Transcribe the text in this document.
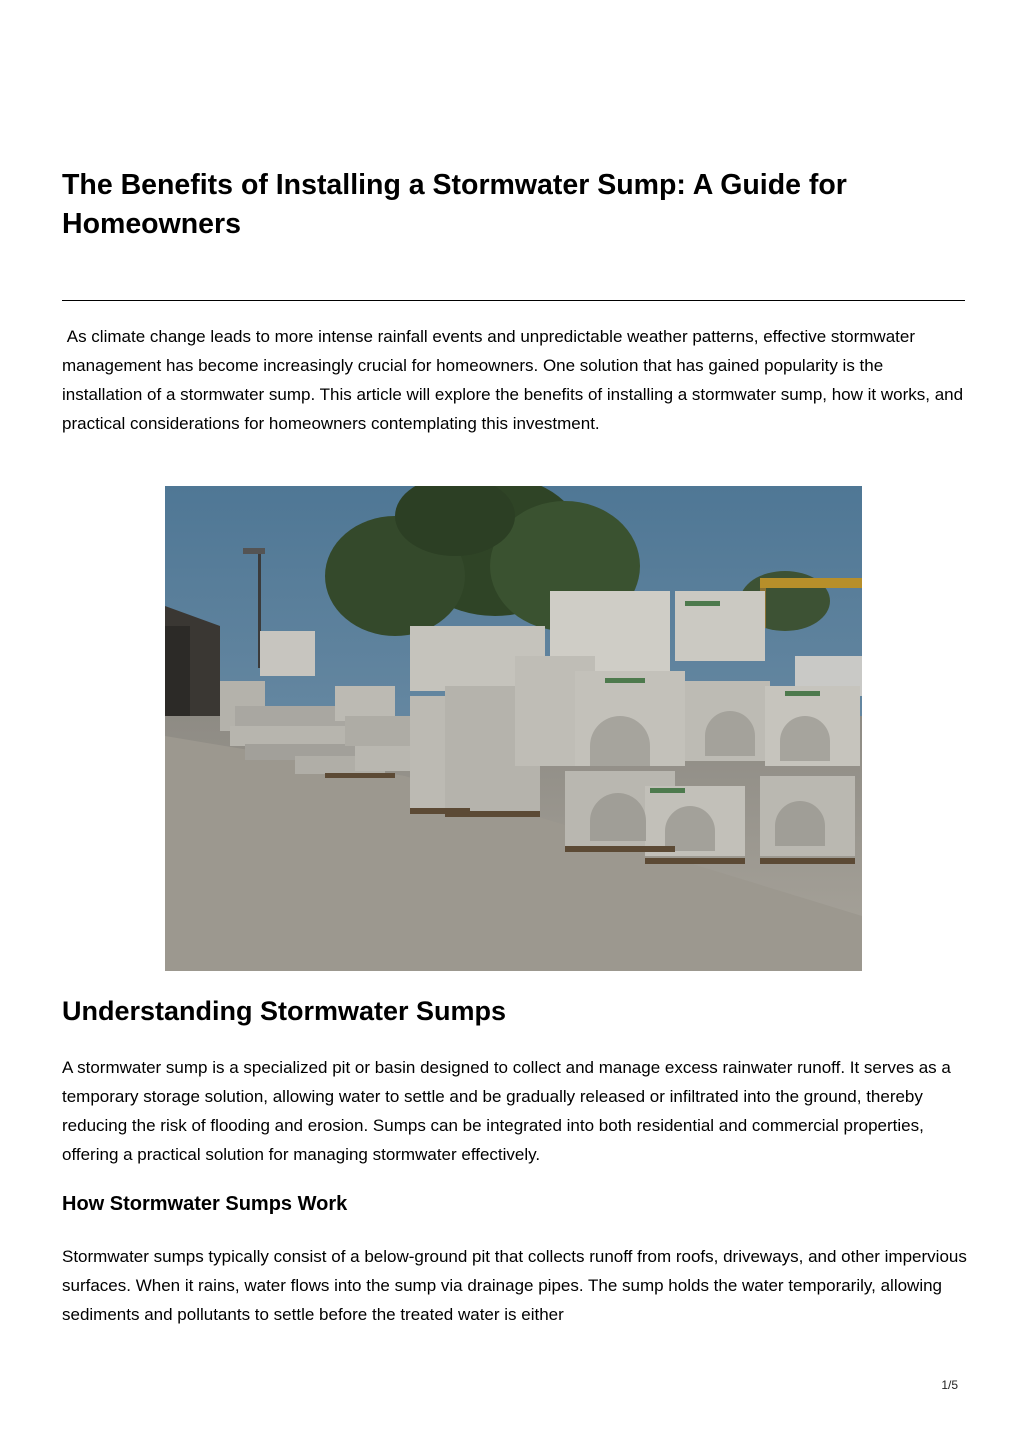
The Benefits of Installing a Stormwater Sump: A Guide for Homeowners

As climate change leads to more intense rainfall events and unpredictable weather patterns, effective stormwater management has become increasingly crucial for homeowners. One solution that has gained popularity is the installation of a stormwater sump. This article will explore the benefits of installing a stormwater sump, how it works, and practical considerations for homeowners contemplating this investment.

Understanding Stormwater Sumps

A stormwater sump is a specialized pit or basin designed to collect and manage excess rainwater runoff. It serves as a temporary storage solution, allowing water to settle and be gradually released or infiltrated into the ground, thereby reducing the risk of flooding and erosion. Sumps can be integrated into both residential and commercial properties, offering a practical solution for managing stormwater effectively.

How Stormwater Sumps Work

Stormwater sumps typically consist of a below-ground pit that collects runoff from roofs, driveways, and other impervious surfaces. When it rains, water flows into the sump via drainage pipes. The sump holds the water temporarily, allowing sediments and pollutants to settle before the treated water is either

1/5
